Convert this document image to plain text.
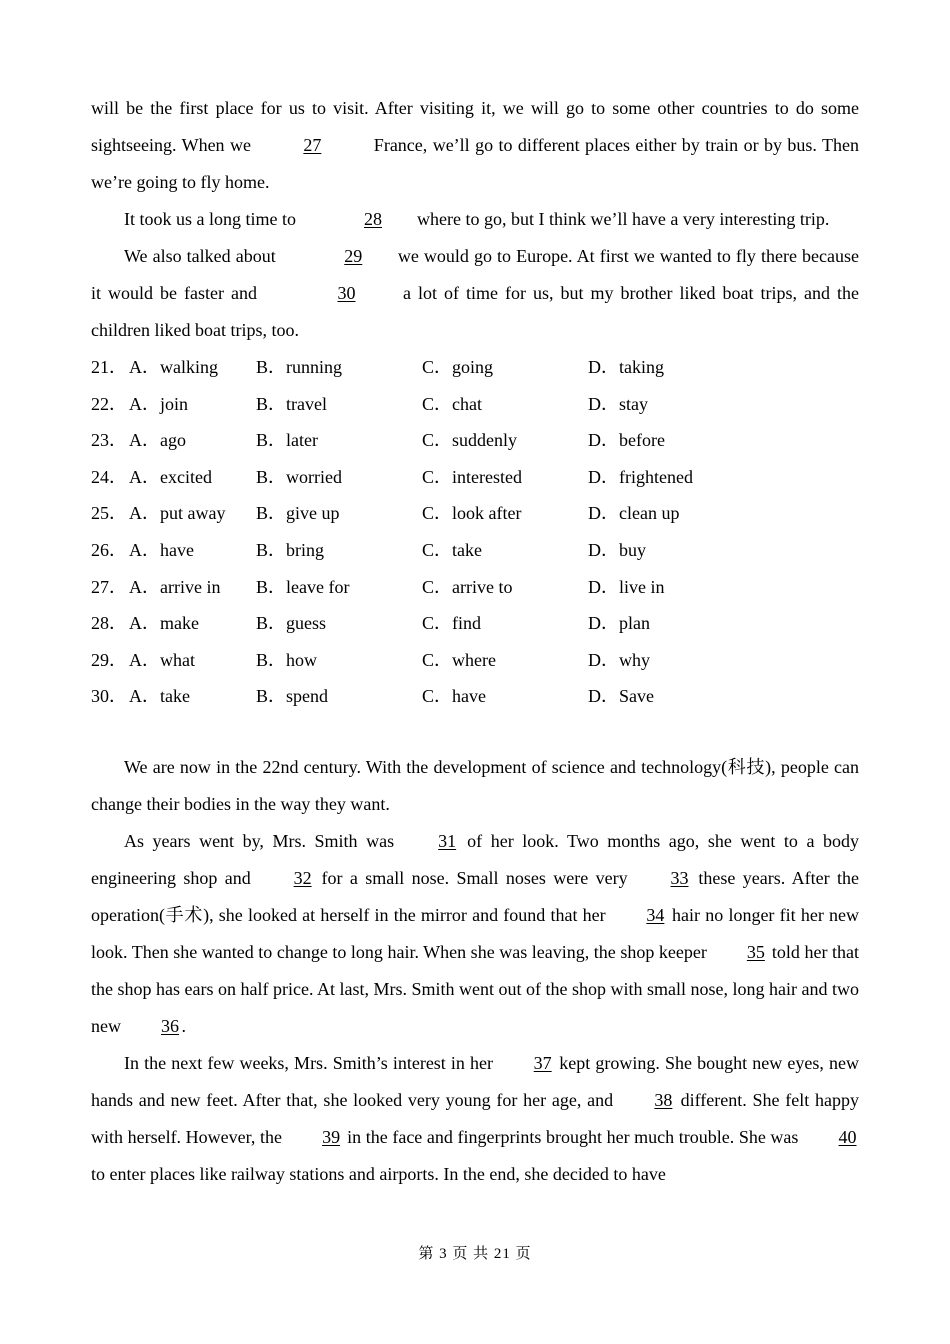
will be the first place for us to visit. After visiting it, we will go to some other countries to do some sightseeing. When we	27	France, we’ll go to different places either by train or by bus. Then we’re going to fly home.

It took us a long time to	28 where to go, but I think we’ll have a very interesting trip.

We also talked about	29 we would go to Europe. At first we wanted to fly there because it would be faster and	30 a lot of time for us, but my brother liked boat trips, and the children liked boat trips, too.

21． A．walking B．running	C．going	D．taking
22． A．join	B．travel	C．chat	D．stay
23． A．ago	B．later	C．suddenly	D．before
24． A．excited B．worried	C．interested	D．frightened
25． A．put away B．give up	C．look after	D．clean up
26． A．have	B．bring	C．take	D．buy
27． A．arrive in B．leave for	C．arrive to	D．live in
28． A．make	B．guess	C．find	D．plan
29． A．what	B．how	C．where	D．why
30． A．take	B．spend	C．have	D．Save

We are now in the 22nd century. With the development of science and technology(科技), people can change their bodies in the way they want.

As years went by, Mrs. Smith was 31 of her look. Two months ago, she went to a body engineering shop and 32 for a small nose. Small noses were very 33 these years. After the operation(手术), she looked at herself in the mirror and found that her 34 hair no longer fit her new look. Then she wanted to change to long hair. When she was leaving, the shop keeper 35 told her that the shop has ears on half price. At last, Mrs. Smith went out of the shop with small nose, long hair and two new 36 .

In the next few weeks, Mrs. Smith’s interest in her 37 kept growing. She bought new eyes, new hands and new feet. After that, she looked very young for her age, and 38 different. She felt happy with herself. However, the 39 in the face and fingerprints brought her much trouble. She was 40 to enter places like railway stations and airports. In the end, she decided to have

第 3 页 共 21 页
